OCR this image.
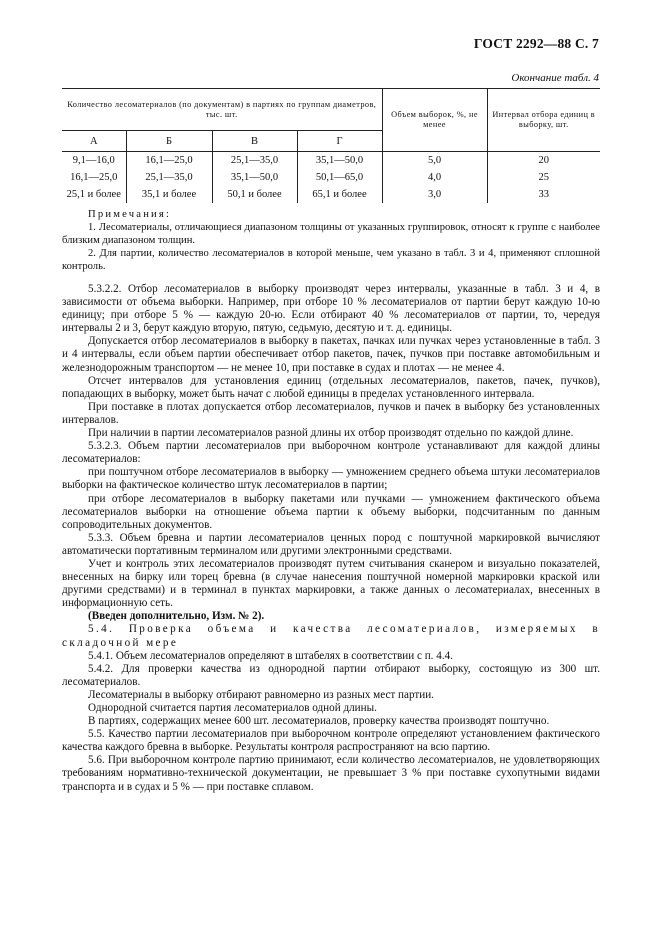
ГОСТ 2292—88 С. 7
Окончание табл. 4
Количество лесоматериалов (по документам) в партиях по группам диаметров, тыс. шт.				Объем выборок, %, не менее	Интервал отбора единиц в выборку, шт.
А	Б	В	Г		
9,1—16,0	16,1—25,0	25,1—35,0	35,1—50,0	5,0	20
16,1—25,0	25,1—35,0	35,1—50,0	50,1—65,0	4,0	25
25,1 и более	35,1 и более	50,1 и более	65,1 и более	3,0	33

Примечания:

1. Лесоматериалы, отличающиеся диапазоном толщины от указанных группировок, относят к группе с наиболее близким диапазоном толщин.

2. Для партии, количество лесоматериалов в которой меньше, чем указано в табл. 3 и 4, применяют сплошной контроль.

5.3.2.2. Отбор лесоматериалов в выборку производят через интервалы, указанные в табл. 3 и 4, в зависимости от объема выборки. Например, при отборе 10 % лесоматериалов от партии берут каждую 10-ю единицу; при отборе 5 % — каждую 20-ю. Если отбирают 40 % лесоматериалов от партии, то, чередуя интервалы 2 и 3, берут каждую вторую, пятую, седьмую, десятую и т. д. единицы.

Допускается отбор лесоматериалов в выборку в пакетах, пачках или пучках через установленные в табл. 3 и 4 интервалы, если объем партии обеспечивает отбор пакетов, пачек, пучков при поставке автомобильным и железнодорожным транспортом — не менее 10, при поставке в судах и плотах — не менее 4.

Отсчет интервалов для установления единиц (отдельных лесоматериалов, пакетов, пачек, пучков), попадающих в выборку, может быть начат с любой единицы в пределах установленного интервала.

При поставке в плотах допускается отбор лесоматериалов, пучков и пачек в выборку без установленных интервалов.

При наличии в партии лесоматериалов разной длины их отбор производят отдельно по каждой длине.

5.3.2.3. Объем партии лесоматериалов при выборочном контроле устанавливают для каждой длины лесоматериалов:

при поштучном отборе лесоматериалов в выборку — умножением среднего объема штуки лесоматериалов выборки на фактическое количество штук лесоматериалов в партии;

при отборе лесоматериалов в выборку пакетами или пучками — умножением фактического объема лесоматериалов выборки на отношение объема партии к объему выборки, подсчитанным по данным сопроводительных документов.

5.3.3. Объем бревна и партии лесоматериалов ценных пород с поштучной маркировкой вычисляют автоматически портативным терминалом или другими электронными средствами.

Учет и контроль этих лесоматериалов производят путем считывания сканером и визуально показателей, внесенных на бирку или торец бревна (в случае нанесения поштучной номерной маркировки краской или другими средствами) и в терминал в пунктах маркировки, а также данных о лесоматериалах, внесенных в информационную сеть.

(Введен дополнительно, Изм. № 2).

5.4. Проверка объема и качества лесоматериалов, измеряемых в складочной мере

5.4.1. Объем лесоматериалов определяют в штабелях в соответствии с п. 4.4.

5.4.2. Для проверки качества из однородной партии отбирают выборку, состоящую из 300 шт. лесоматериалов.

Лесоматериалы в выборку отбирают равномерно из разных мест партии.

Однородной считается партия лесоматериалов одной длины.

В партиях, содержащих менее 600 шт. лесоматериалов, проверку качества производят поштучно.

5.5. Качество партии лесоматериалов при выборочном контроле определяют установлением фактического качества каждого бревна в выборке. Результаты контроля распространяют на всю партию.

5.6. При выборочном контроле партию принимают, если количество лесоматериалов, не удовлетворяющих требованиям нормативно-технической документации, не превышает 3 % при поставке сухопутными видами транспорта и в судах и 5 % — при поставке сплавом.
